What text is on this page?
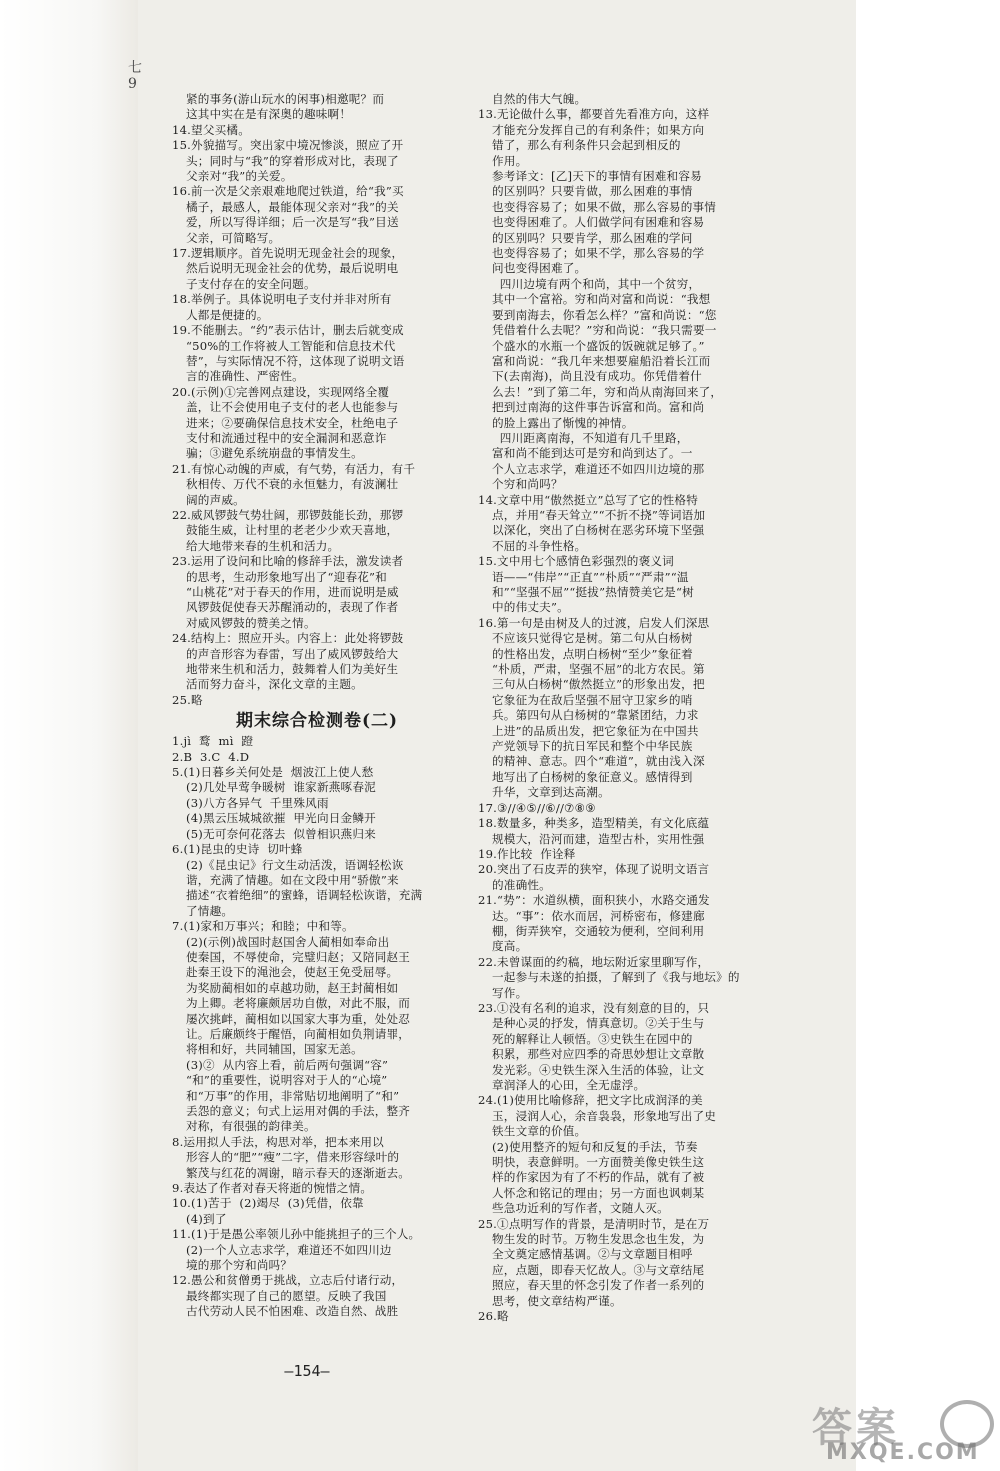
七
9

紧的事务(游山玩水的闲事)相邀呢？而

这其中实在是有深奥的趣味啊！

14.望父买橘。

15.外貌描写。突出家中境况惨淡，照应了开

头；同时与“我”的穿着形成对比，表现了

父亲对“我”的关爱。

16.前一次是父亲艰难地爬过铁道，给“我”买

橘子，最感人，最能体现父亲对“我”的关

爱，所以写得详细；后一次是写“我”目送

父亲，可简略写。

17.逻辑顺序。首先说明无现金社会的现象，

然后说明无现金社会的优势，最后说明电

子支付存在的安全问题。

18.举例子。具体说明电子支付并非对所有

人都是便捷的。

19.不能删去。“约”表示估计，删去后就变成

“50%的工作将被人工智能和信息技术代

替”，与实际情况不符，这体现了说明文语

言的准确性、严密性。

20.(示例)①完善网点建设，实现网络全覆

盖，让不会使用电子支付的老人也能参与

进来；②要确保信息技术安全，杜绝电子

支付和流通过程中的安全漏洞和恶意诈

骗；③避免系统崩盘的事情发生。

21.有惊心动魄的声威，有气势，有活力，有千

秋相传、万代不衰的永恒魅力，有波澜壮

阔的声威。

22.威风锣鼓气势壮阔，那锣鼓能长劲，那锣

鼓能生威，让村里的老老少少欢天喜地，

给大地带来春的生机和活力。

23.运用了设问和比喻的修辞手法，激发读者

的思考，生动形象地写出了“迎春花”和

“山桃花”对于春天的作用，进而说明是威

风锣鼓促使春天苏醒涌动的，表现了作者

对威风锣鼓的赞美之情。

24.结构上：照应开头。内容上：此处将锣鼓

的声音形容为春雷，写出了威风锣鼓给大

地带来生机和活力，鼓舞着人们为美好生

活而努力奋斗，深化文章的主题。

25.略

期末综合检测卷(二)

1.jì  鹜  mì  蹬

2.B  3.C  4.D

5.(1)日暮乡关何处是  烟波江上使人愁

(2)几处早莺争暖树  谁家新燕啄春泥

(3)八方各异气  千里殊风雨

(4)黑云压城城欲摧  甲光向日金鳞开

(5)无可奈何花落去  似曾相识燕归来

6.(1)昆虫的史诗  切叶蜂

(2)《昆虫记》行文生动活泼，语调轻松诙

谐，充满了情趣。如在文段中用“骄傲”来

描述“衣着绝细”的蜜蜂，语调轻松诙谐，充满

了情趣。

7.(1)家和万事兴；和睦；中和等。

(2)(示例)战国时赵国舍人蔺相如奉命出

使秦国，不辱使命，完璧归赵；又陪同赵王

赴秦王设下的渑池会，使赵王免受屈辱。

为奖励蔺相如的卓越功勋，赵王封蔺相如

为上卿。老将廉颇居功自傲，对此不服，而

屡次挑衅，蔺相如以国家大事为重，处处忍

让。后廉颇终于醒悟，向蔺相如负荆请罪，

将相和好，共同辅国，国家无恙。

(3)②  从内容上看，前后两句强调“容”

“和”的重要性，说明容对于人的“心境”

和“万事”的作用，非常贴切地阐明了“和”

丢怨的意义；句式上运用对偶的手法，整齐

对称，有很强的韵律美。

8.运用拟人手法，构思对举，把本来用以

形容人的“肥”“瘦”二字，借来形容绿叶的

繁茂与红花的凋谢，暗示春天的逐渐逝去。

9.表达了作者对春天将逝的惋惜之情。

10.(1)苦于  (2)竭尽  (3)凭借，依靠

(4)到了

11.(1)于是愚公率领儿孙中能挑担子的三个人。

(2)一个人立志求学，难道还不如四川边

境的那个穷和尚吗？

12.愚公和贫僧勇于挑战，立志后付诸行动，

最终都实现了自己的愿望。反映了我国

古代劳动人民不怕困难、改造自然、战胜

自然的伟大气魄。

13.无论做什么事，都要首先看准方向，这样

才能充分发挥自己的有利条件；如果方向

错了，那么有利条件只会起到相反的

作用。

参考译文：[乙]天下的事情有困难和容易

的区别吗？只要肯做，那么困难的事情

也变得容易了；如果不做，那么容易的事情

也变得困难了。人们做学问有困难和容易

的区别吗？只要肯学，那么困难的学问

也变得容易了；如果不学，那么容易的学

问也变得困难了。

四川边境有两个和尚，其中一个贫穷，

其中一个富裕。穷和尚对富和尚说：“我想

要到南海去，你看怎么样？”富和尚说：“您

凭借着什么去呢？”穷和尚说：“我只需要一

个盛水的水瓶一个盛饭的饭碗就足够了。”

富和尚说：“我几年来想要雇船沿着长江而

下(去南海)，尚且没有成功。你凭借着什

么去！”到了第二年，穷和尚从南海回来了，

把到过南海的这件事告诉富和尚。富和尚

的脸上露出了惭愧的神情。

四川距离南海，不知道有几千里路，

富和尚不能到达可是穷和尚到达了。一

个人立志求学，难道还不如四川边境的那

个穷和尚吗？

14.文章中用“傲然挺立”总写了它的性格特

点，并用“春天耸立”“不折不挠”等词语加

以深化，突出了白杨树在恶劣环境下坚强

不屈的斗争性格。

15.文中用七个感情色彩强烈的褒义词

语——“伟岸”“正直”“朴质”“严肃”“温

和”“坚强不屈”“挺拔”热情赞美它是“树

中的伟丈夫”。

16.第一句是由树及人的过渡，启发人们深思

不应该只觉得它是树。第二句从白杨树

的性格出发，点明白杨树“至少”象征着

“朴质，严肃，坚强不屈”的北方农民。第

三句从白杨树“傲然挺立”的形象出发，把

它象征为在敌后坚强不屈守卫家乡的哨

兵。第四句从白杨树的“靠紧团结，力求

上进”的品质出发，把它象征为在中国共

产党领导下的抗日军民和整个中华民族

的精神、意志。四个“难道”，就由浅入深

地写出了白杨树的象征意义。感情得到

升华，文章到达高潮。

17.③//④⑤//⑥//⑦⑧⑨

18.数量多，种类多，造型精美，有文化底蕴

规模大，沿河而建，造型古朴，实用性强

19.作比较  作诠释

20.突出了石皮弄的狭窄，体现了说明文语言

的准确性。

21.“势”：水道纵横，面积狭小，水路交通发

达。“事”：依水而居，河桥密布，修建廊

棚，街弄狭窄，交通较为便利，空间利用

度高。

22.未曾谋面的约稿，地坛附近家里聊写作，

一起参与未遂的拍摄，了解到了《我与地坛》的

写作。

23.①没有名利的追求，没有刻意的目的，只

是种心灵的抒发，情真意切。②关于生与

死的解释让人顿悟。③史铁生在园中的

积累，那些对应四季的奇思妙想让文章散

发光彩。④史铁生深入生活的体验，让文

章润泽人的心田，全无虚浮。

24.(1)使用比喻修辞，把文字比成润泽的美

玉，浸润人心，余音袅袅，形象地写出了史

铁生文章的价值。

(2)使用整齐的短句和反复的手法，节奏

明快，表意鲜明。一方面赞美像史铁生这

样的作家因为有了不朽的作品，就有了被

人怀念和铭记的理由；另一方面也讽刺某

些急功近利的写作者，文随人灭。

25.①点明写作的背景，是清明时节，是在万

物生发的时节。万物生发思念也生发，为

全文奠定感情基调。②与文章题目相呼

应，点题，即春天忆故人。③与文章结尾

照应，春天里的怀念引发了作者一系列的

思考，使文章结构严谨。

26.略

—154—
答案
MXQE.COM
